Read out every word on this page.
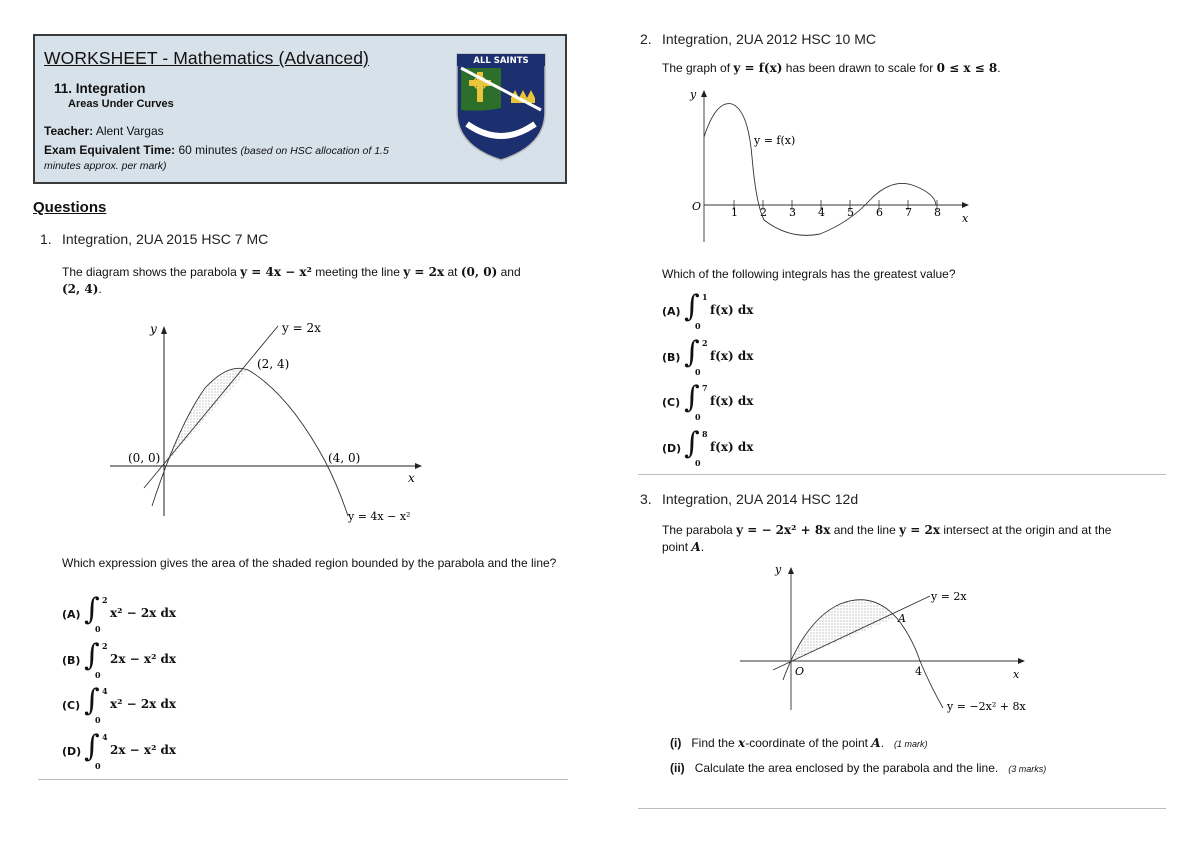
WORKSHEET - Mathematics (Advanced)
11. Integration
Areas Under Curves
Teacher: Alent Vargas
Exam Equivalent Time: 60 minutes (based on HSC allocation of 1.5 minutes approx. per mark)
ALL SAINTS
Questions
1. Integration, 2UA 2015 HSC 7 MC
The diagram shows the parabola y = 4x − x² meeting the line y = 2x at (0, 0) and
(2, 4).
y
x
y = 2x
(2, 4)
(0, 0)	(4, 0)
y = 4x − x²
Which expression gives the area of the shaded region bounded by the parabola and the line?
(A) ∫ 2
0
x² − 2x dx
(B) ∫ 2
0
2x − x² dx
(C) ∫ 4
0
x² − 2x dx
(D) ∫ 4
0
2x − x² dx
2. Integration, 2UA 2012 HSC 10 MC
The graph of y = f(x) has been drawn to scale for 0 ≤ x ≤ 8.
1 2 3 4 5 6 7 8
y
x
O
y = f(x)
Which of the following integrals has the greatest value?
(A) ∫ 1
0
f(x) dx
(B) ∫ 2
0
f(x) dx
(C) ∫ 7
0
f(x) dx
(D) ∫ 8
0
f(x) dx
3. Integration, 2UA 2014 HSC 12d
The parabola y = − 2x² + 8x and the line y = 2x intersect at the origin and at the
point A.
y
x
O	4
A
y = 2x
y = −2x² + 8x
(i) Find the x-coordinate of the point A. (1 mark)
(ii) Calculate the area enclosed by the parabola and the line. (3 marks)
